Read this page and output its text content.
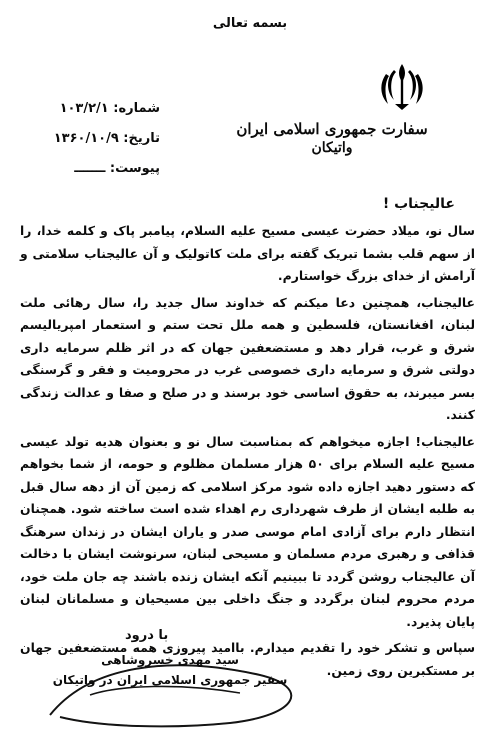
بسمه تعالی
سفارت جمهوری اسلامی ایران
واتیکان
شماره: ۱۰۳/۲/۱
تاریخ: ۱۳۶۰/۱۰/۹
پیوست: ـــــــ
عالیجناب !

سال نو، میلاد حضرت عیسی مسیح علیه السلام، پیامبر پاک و کلمه خدا، را از سهم قلب بشما تبریک گفته برای ملت کاتولیک و آن عالیجناب سلامتی و آرامش از خدای بزرگ خواستارم.

عالیجناب، همچنین دعا میکنم که خداوند سال جدید را، سال رهائی ملت لبنان، افغانستان، فلسطین و همه ملل تحت ستم و استعمار امپریالیسم شرق و غرب، قرار دهد و مستضعفین جهان که در اثر ظلم سرمایه داری دولتی شرق و سرمایه داری خصوصی غرب در محرومیت و فقر و گرسنگی بسر میبرند، به حقوق اساسی خود برسند و در صلح و صفا و عدالت زندگی کنند.

عالیجناب! اجازه میخواهم که بمناسبت سال نو و بعنوان هدیه تولد عیسی مسیح علیه السلام برای ۵۰ هزار مسلمان مظلوم و حومه، از شما بخواهم که دستور دهید اجازه داده شود مرکز اسلامی که زمین آن از دهه سال قبل به طلبه ایشان از طرف شهرداری رم اهداء شده است ساخته شود. همچنان انتظار دارم برای آزادی امام موسی صدر و یاران ایشان در زندان سرهنگ قذافی و رهبری مردم مسلمان و مسیحی لبنان، سرنوشت ایشان با دخالت آن عالیجناب روشن گردد تا ببینیم آنکه ایشان زنده باشند چه جان ملت خود، مردم محروم لبنان برگردد و جنگ داخلی بین مسیحیان و مسلمانان لبنان پایان پذیرد.

سپاس و تشکر خود را تقدیم میدارم. باامید پیروزی همه مستضعفین جهان بر مستکبرین روی زمین.

با درود
سید مهدی خسروشاهی
سفیر جمهوری اسلامی ایران در واتیکان
